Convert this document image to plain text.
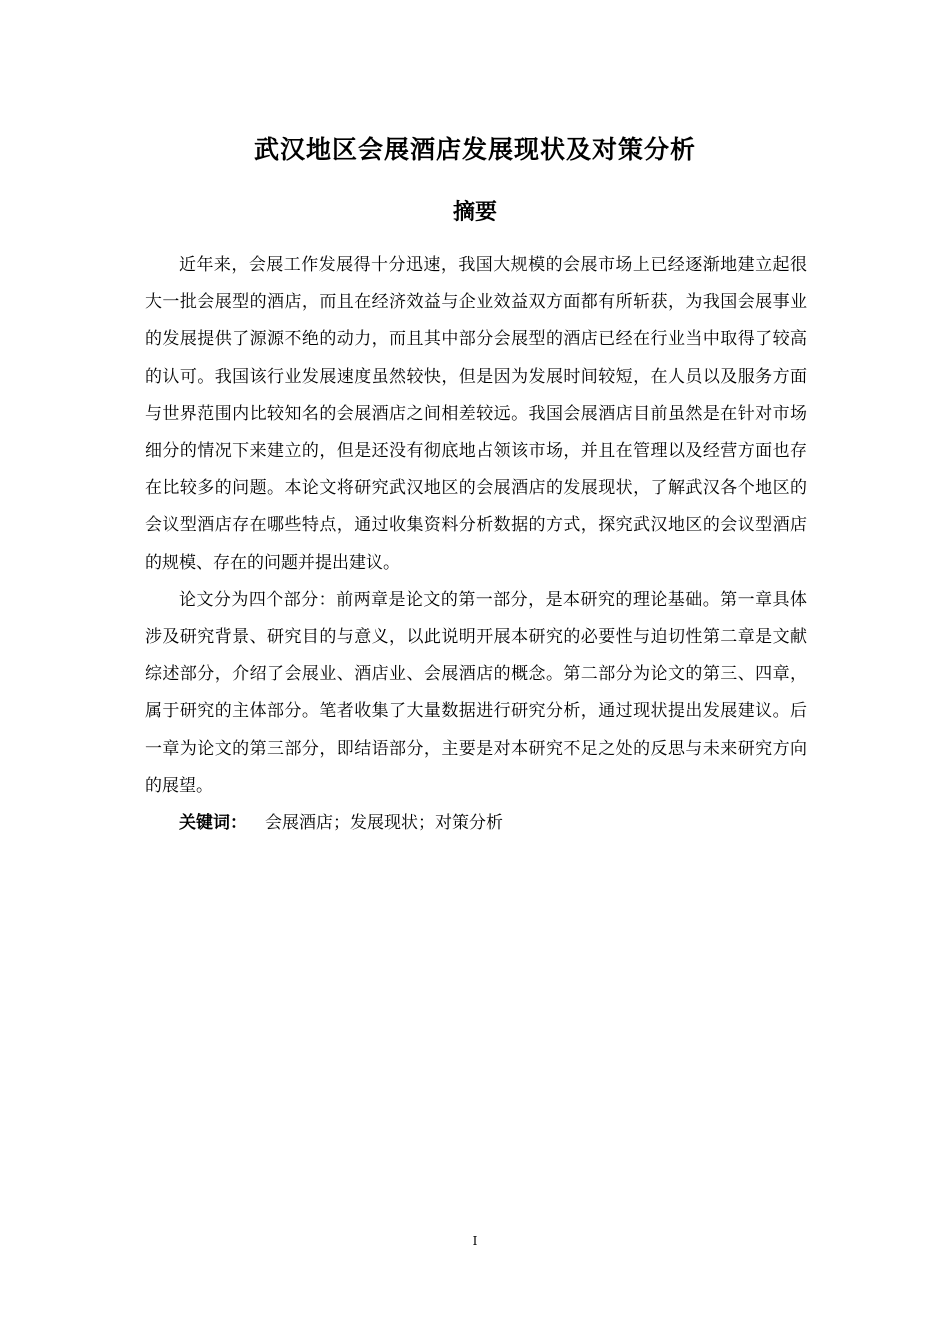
武汉地区会展酒店发展现状及对策分析
摘要

近年来，会展工作发展得十分迅速，我国大规模的会展市场上已经逐渐地建立起很大一批会展型的酒店，而且在经济效益与企业效益双方面都有所斩获，为我国会展事业的发展提供了源源不绝的动力，而且其中部分会展型的酒店已经在行业当中取得了较高的认可。我国该行业发展速度虽然较快，但是因为发展时间较短，在人员以及服务方面与世界范围内比较知名的会展酒店之间相差较远。我国会展酒店目前虽然是在针对市场细分的情况下来建立的，但是还没有彻底地占领该市场，并且在管理以及经营方面也存在比较多的问题。本论文将研究武汉地区的会展酒店的发展现状，了解武汉各个地区的会议型酒店存在哪些特点，通过收集资料分析数据的方式，探究武汉地区的会议型酒店的规模、存在的问题并提出建议。

论文分为四个部分：前两章是论文的第一部分，是本研究的理论基础。第一章具体涉及研究背景、研究目的与意义，以此说明开展本研究的必要性与迫切性第二章是文献综述部分，介绍了会展业、酒店业、会展酒店的概念。第二部分为论文的第三、四章，属于研究的主体部分。笔者收集了大量数据进行研究分析，通过现状提出发展建议。后一章为论文的第三部分，即结语部分，主要是对本研究不足之处的反思与未来研究方向的展望。

关键词： 会展酒店；发展现状；对策分析

I
